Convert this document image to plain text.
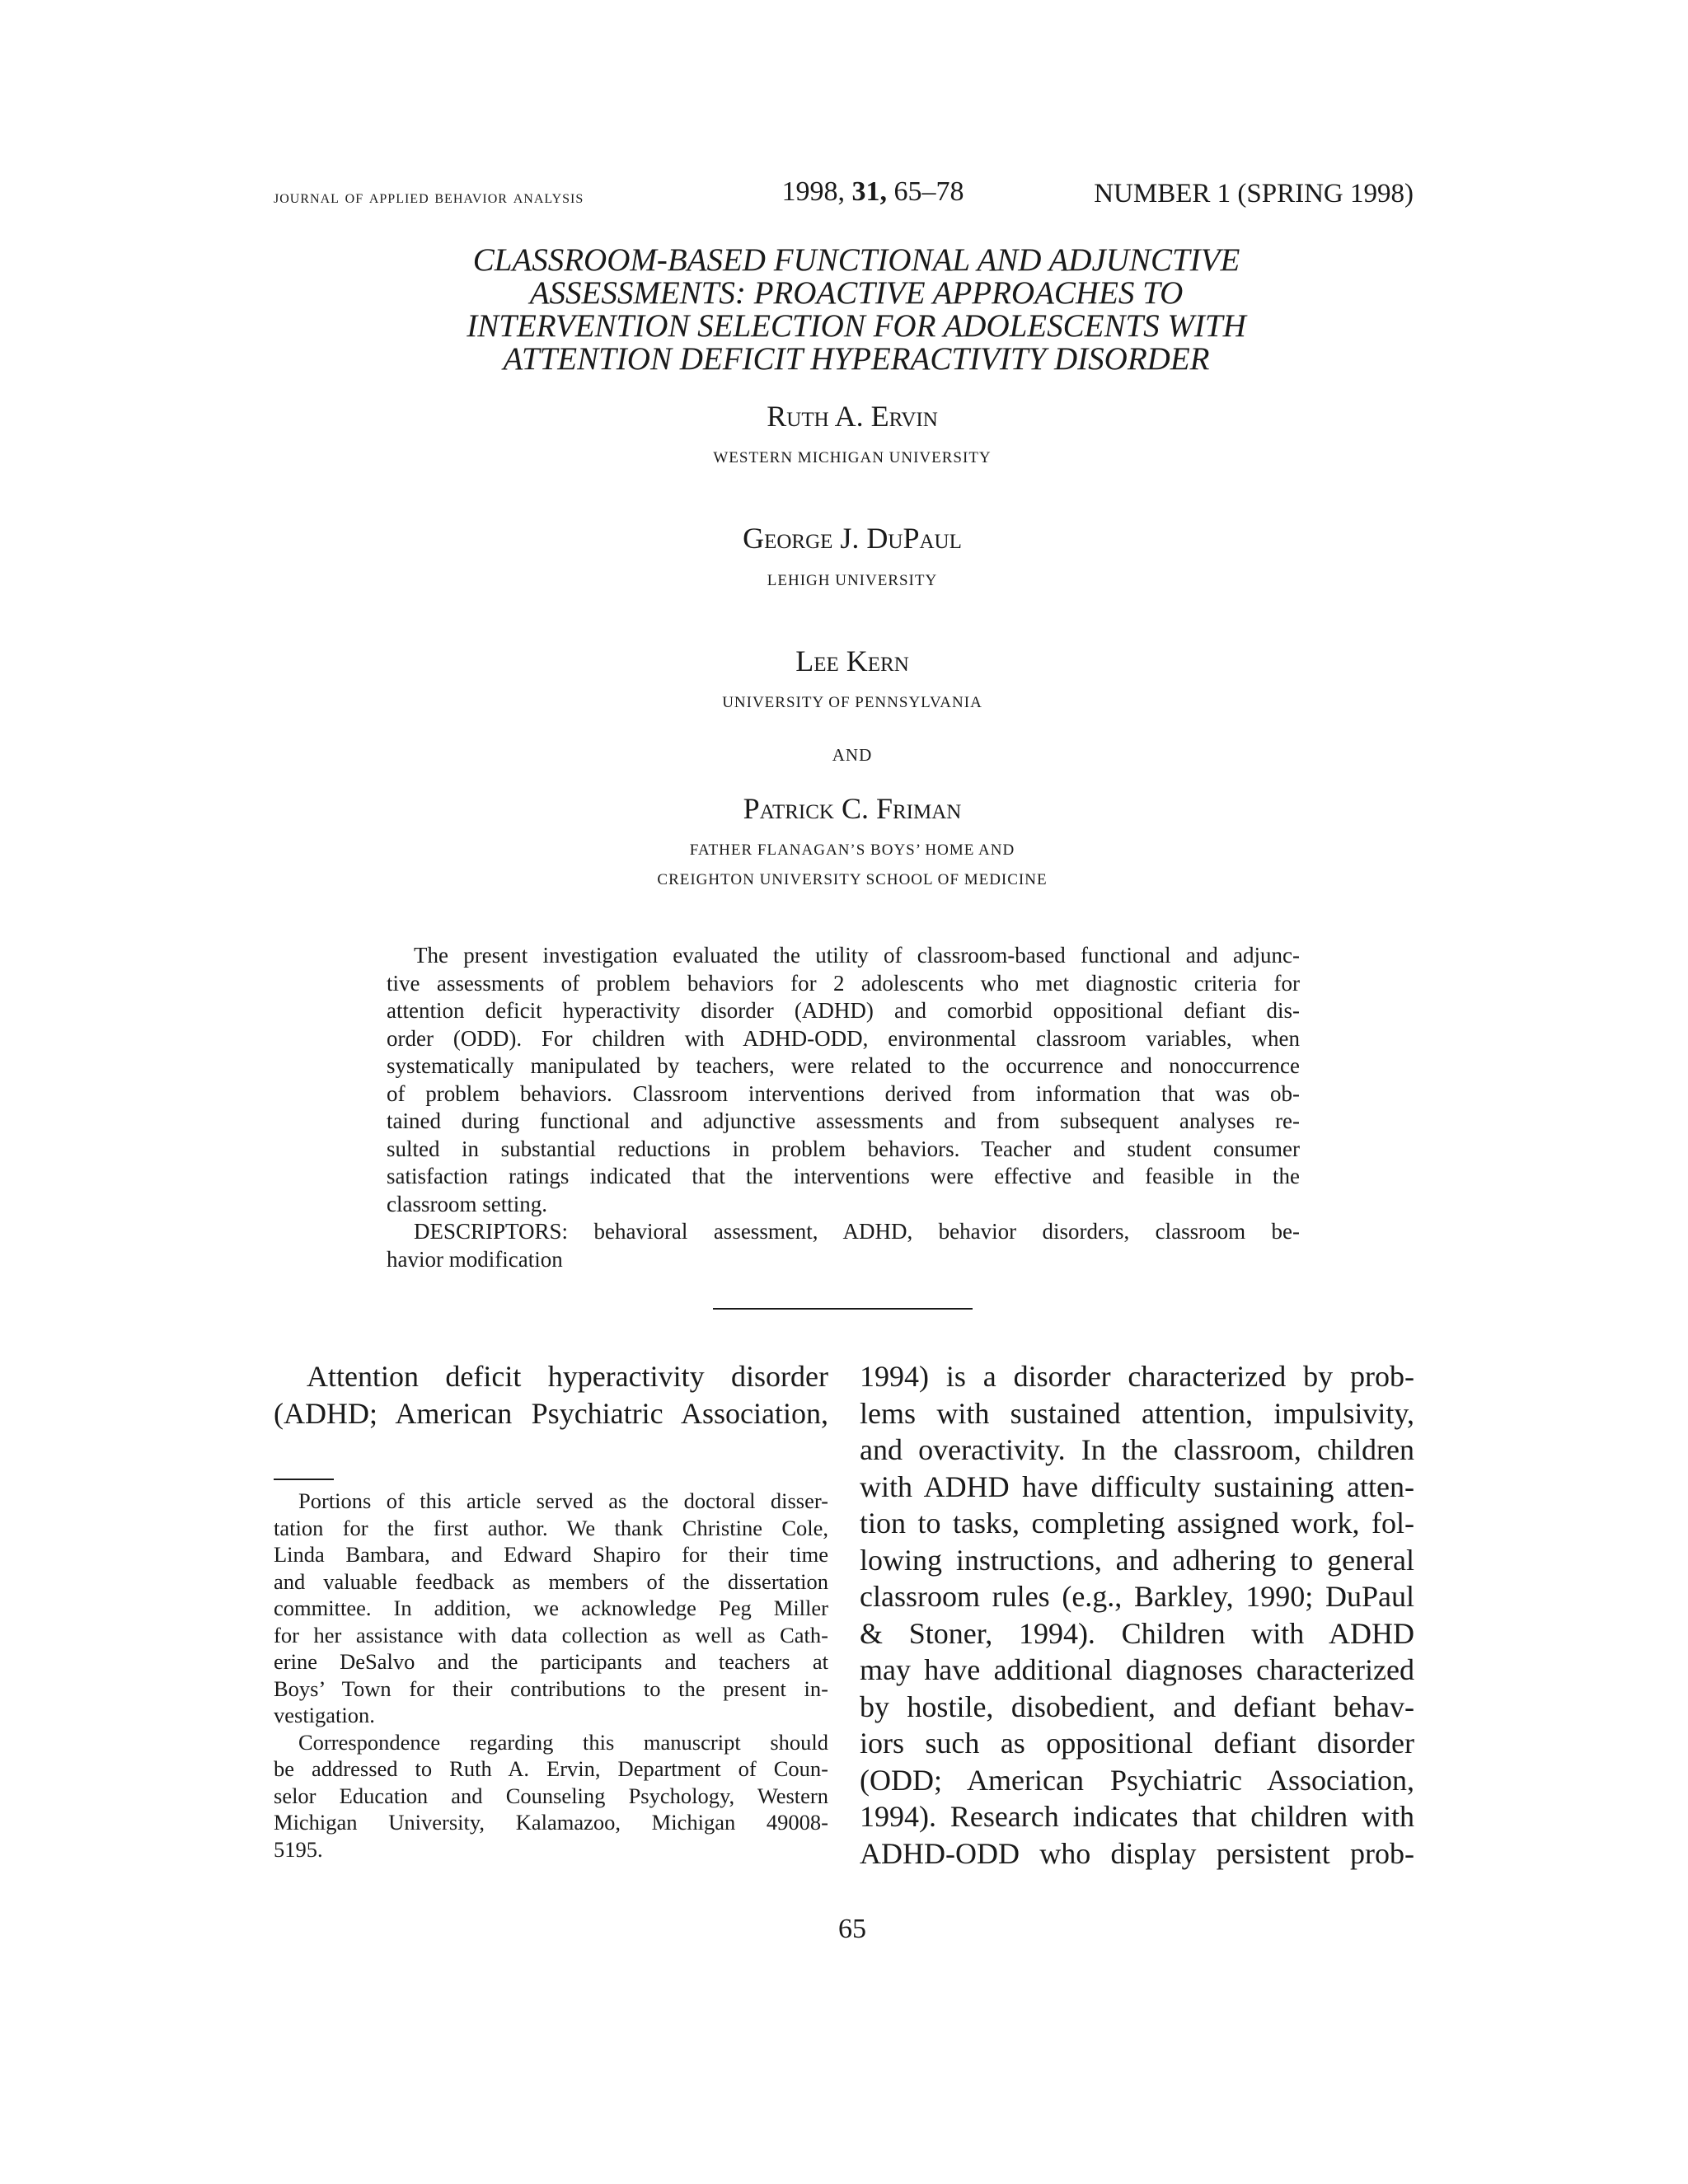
journal of applied behavior analysis	1998, 31, 65–78	NUMBER 1 (SPRING 1998)
CLASSROOM-BASED FUNCTIONAL AND ADJUNCTIVE
ASSESSMENTS: PROACTIVE APPROACHES TO
INTERVENTION SELECTION FOR ADOLESCENTS WITH
ATTENTION DEFICIT HYPERACTIVITY DISORDER
Ruth A. Ervin
WESTERN MICHIGAN UNIVERSITY
George J. DuPaul
LEHIGH UNIVERSITY
Lee Kern
UNIVERSITY OF PENNSYLVANIA
AND
Patrick C. Friman
FATHER FLANAGAN’S BOYS’ HOME AND
CREIGHTON UNIVERSITY SCHOOL OF MEDICINE
The present investigation evaluated the utility of classroom-based functional and adjunc-
tive assessments of problem behaviors for 2 adolescents who met diagnostic criteria for
attention deficit hyperactivity disorder (ADHD) and comorbid oppositional defiant dis-
order (ODD). For children with ADHD-ODD, environmental classroom variables, when
systematically manipulated by teachers, were related to the occurrence and nonoccurrence
of problem behaviors. Classroom interventions derived from information that was ob-
tained during functional and adjunctive assessments and from subsequent analyses re-
sulted in substantial reductions in problem behaviors. Teacher and student consumer
satisfaction ratings indicated that the interventions were effective and feasible in the
classroom setting.
DESCRIPTORS: behavioral assessment, ADHD, behavior disorders, classroom be-
havior modification
Attention deficit hyperactivity disorder
(ADHD; American Psychiatric Association,
Portions of this article served as the doctoral disser-
tation for the first author. We thank Christine Cole,
Linda Bambara, and Edward Shapiro for their time
and valuable feedback as members of the dissertation
committee. In addition, we acknowledge Peg Miller
for her assistance with data collection as well as Cath-
erine DeSalvo and the participants and teachers at
Boys’ Town for their contributions to the present in-
vestigation.
Correspondence regarding this manuscript should
be addressed to Ruth A. Ervin, Department of Coun-
selor Education and Counseling Psychology, Western
Michigan University, Kalamazoo, Michigan 49008-
5195.
1994) is a disorder characterized by prob-
lems with sustained attention, impulsivity,
and overactivity. In the classroom, children
with ADHD have difficulty sustaining atten-
tion to tasks, completing assigned work, fol-
lowing instructions, and adhering to general
classroom rules (e.g., Barkley, 1990; DuPaul
& Stoner, 1994). Children with ADHD
may have additional diagnoses characterized
by hostile, disobedient, and defiant behav-
iors such as oppositional defiant disorder
(ODD; American Psychiatric Association,
1994). Research indicates that children with
ADHD-ODD who display persistent prob-
65
